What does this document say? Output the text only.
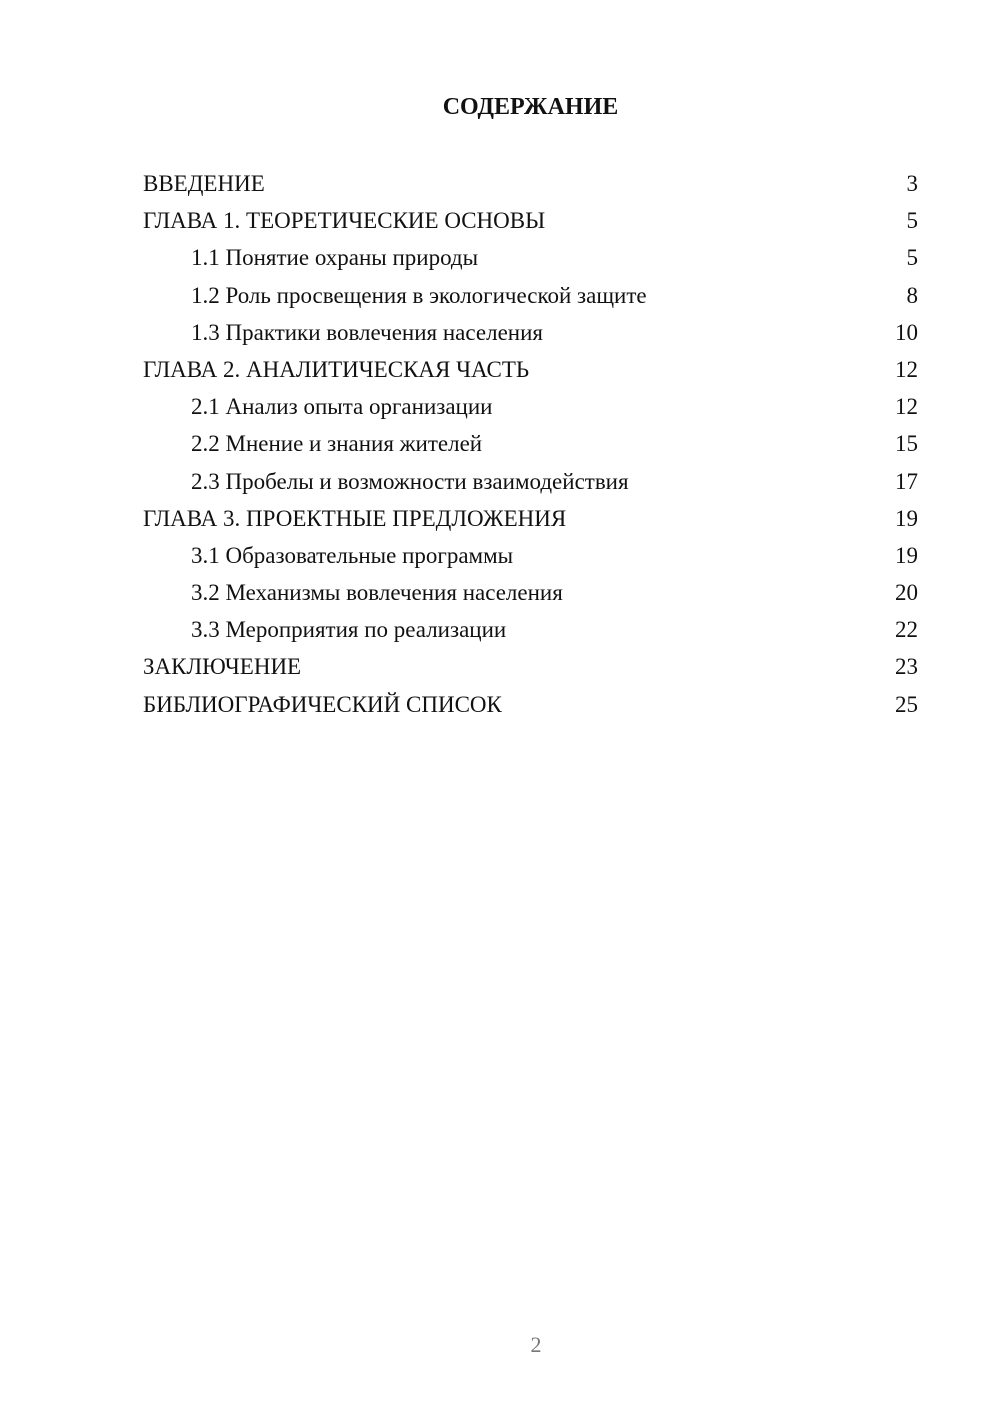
СОДЕРЖАНИЕ
ВВЕДЕНИЕ	3
ГЛАВА 1. ТЕОРЕТИЧЕСКИЕ ОСНОВЫ	5
1.1 Понятие охраны природы	5
1.2 Роль просвещения в экологической защите	8
1.3 Практики вовлечения населения	10
ГЛАВА 2. АНАЛИТИЧЕСКАЯ ЧАСТЬ	12
2.1 Анализ опыта организации	12
2.2 Мнение и знания жителей	15
2.3 Пробелы и возможности взаимодействия	17
ГЛАВА 3. ПРОЕКТНЫЕ ПРЕДЛОЖЕНИЯ	19
3.1 Образовательные программы	19
3.2 Механизмы вовлечения населения	20
3.3 Мероприятия по реализации	22
ЗАКЛЮЧЕНИЕ	23
БИБЛИОГРАФИЧЕСКИЙ СПИСОК	25
2
